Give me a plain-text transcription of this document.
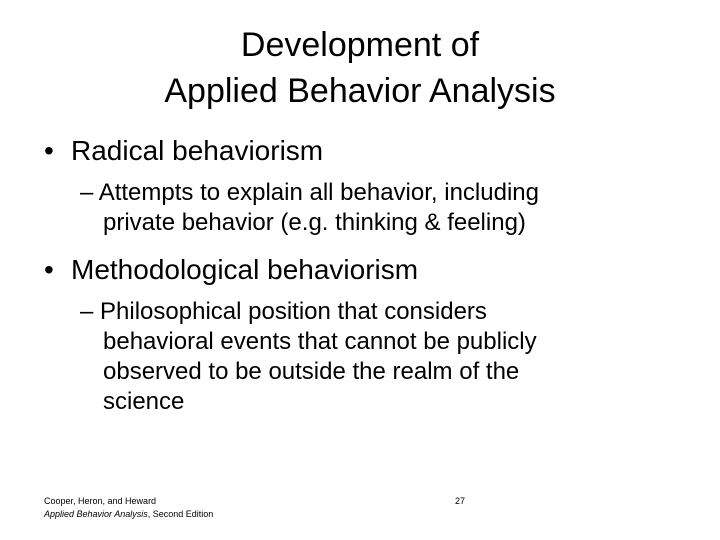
Development of
Applied Behavior Analysis
• Radical behaviorism
– Attempts to explain all behavior, including
private behavior (e.g. thinking & feeling)
• Methodological behaviorism
– Philosophical position that considers
behavioral events that cannot be publicly
observed to be outside the realm of the
science
Cooper, Heron, and Heward
Applied Behavior Analysis, Second Edition
27
